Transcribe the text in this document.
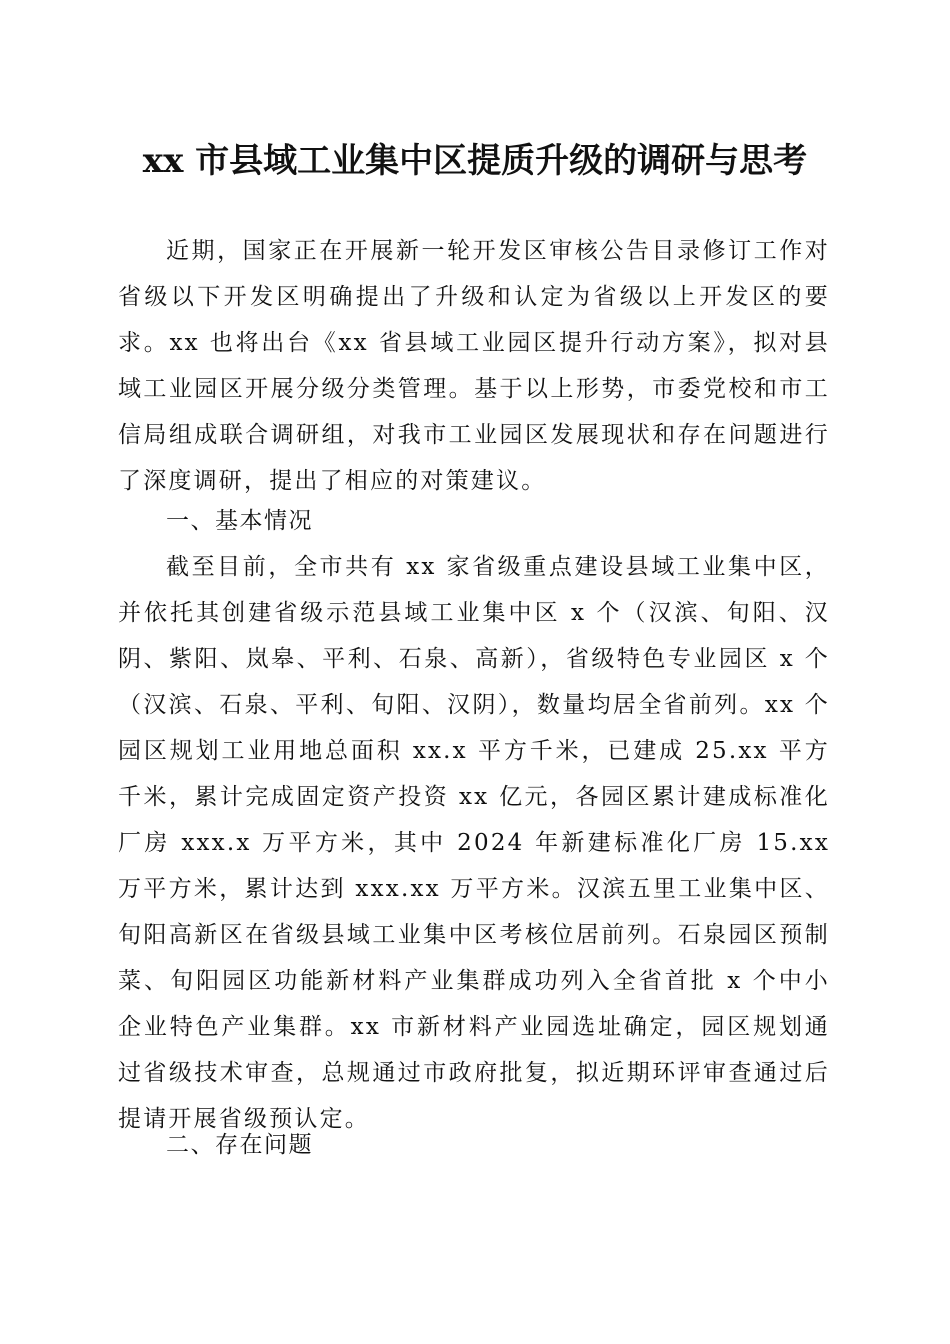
xx 市县域工业集中区提质升级的调研与思考

近期，国家正在开展新一轮开发区审核公告目录修订工作对省级以下开发区明确提出了升级和认定为省级以上开发区的要求。xx 也将出台《xx 省县域工业园区提升行动方案》，拟对县域工业园区开展分级分类管理。基于以上形势，市委党校和市工信局组成联合调研组，对我市工业园区发展现状和存在问题进行了深度调研，提出了相应的对策建议。

一、基本情况

截至目前，全市共有 xx 家省级重点建设县域工业集中区，并依托其创建省级示范县域工业集中区 x 个（汉滨、旬阳、汉阴、紫阳、岚皋、平利、石泉、高新），省级特色专业园区 x 个（汉滨、石泉、平利、旬阳、汉阴），数量均居全省前列。xx 个园区规划工业用地总面积 xx.x 平方千米，已建成 25.xx 平方千米，累计完成固定资产投资 xx 亿元，各园区累计建成标准化厂房 xxx.x 万平方米，其中 2024 年新建标准化厂房 15.xx 万平方米，累计达到 xxx.xx 万平方米。汉滨五里工业集中区、旬阳高新区在省级县域工业集中区考核位居前列。石泉园区预制菜、旬阳园区功能新材料产业集群成功列入全省首批 x 个中小企业特色产业集群。xx 市新材料产业园选址确定，园区规划通过省级技术审查，总规通过市政府批复，拟近期环评审查通过后提请开展省级预认定。

二、存在问题
